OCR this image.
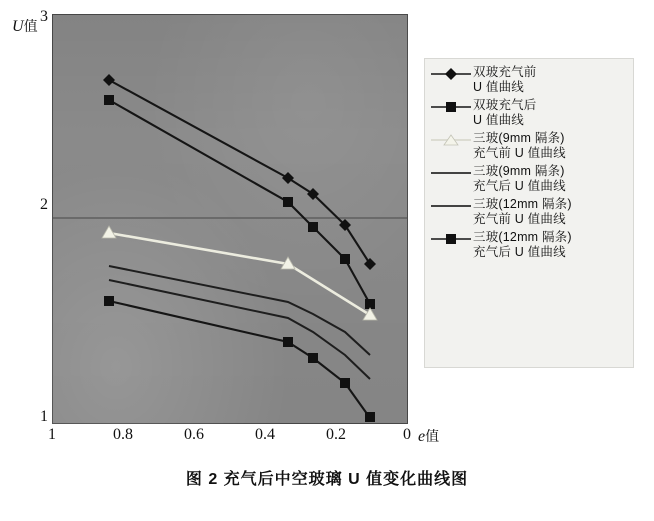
U值
3
2
1
1	0.8	0.6	0.4	0.2	0 e值
双玻充气前
U 值曲线
双玻充气后
U 值曲线
三玻(9mm 隔条)
充气前 U 值曲线
三玻(9mm 隔条)
充气后 U 值曲线
三玻(12mm 隔条)
充气前 U 值曲线
三玻(12mm 隔条)
充气后 U 值曲线
图 2 充气后中空玻璃 U 值变化曲线图
